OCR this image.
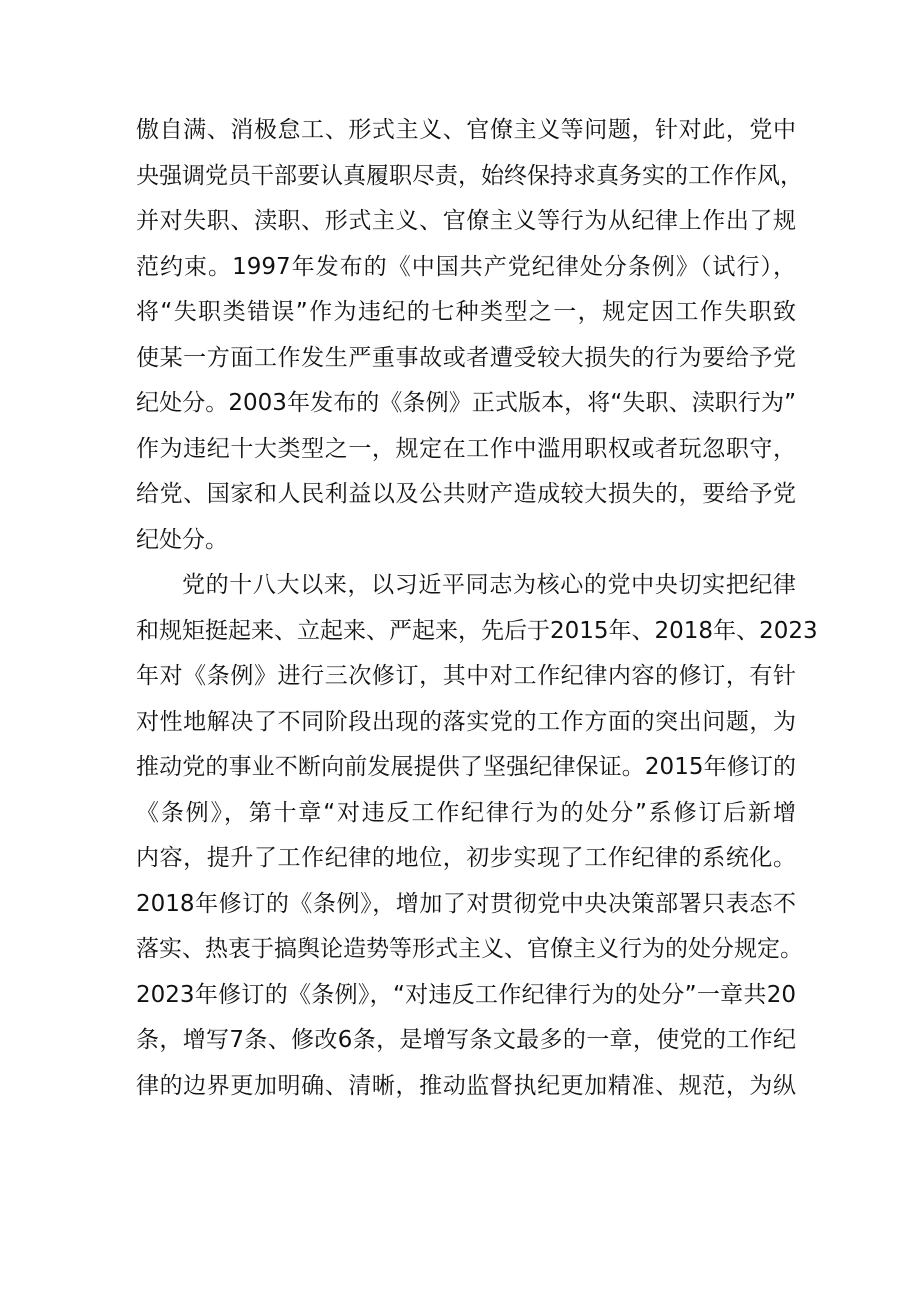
傲自满、消极怠工、形式主义、官僚主义等问题，针对此，党中
央强调党员干部要认真履职尽责，始终保持求真务实的工作作风，
并对失职、渎职、形式主义、官僚主义等行为从纪律上作出了规
范约束。1997年发布的《中国共产党纪律处分条例》（试行），
将“失职类错误”作为违纪的七种类型之一，规定因工作失职致
使某一方面工作发生严重事故或者遭受较大损失的行为要给予党
纪处分。2003年发布的《条例》正式版本，将“失职、渎职行为”
作为违纪十大类型之一，规定在工作中滥用职权或者玩忽职守，
给党、国家和人民利益以及公共财产造成较大损失的，要给予党
纪处分。
党的十八大以来，以习近平同志为核心的党中央切实把纪律
和规矩挺起来、立起来、严起来，先后于2015年、2018年、2023
年对《条例》进行三次修订，其中对工作纪律内容的修订，有针
对性地解决了不同阶段出现的落实党的工作方面的突出问题，为
推动党的事业不断向前发展提供了坚强纪律保证。2015年修订的
《条例》，第十章“对违反工作纪律行为的处分”系修订后新增
内容，提升了工作纪律的地位，初步实现了工作纪律的系统化。
2018年修订的《条例》，增加了对贯彻党中央决策部署只表态不
落实、热衷于搞舆论造势等形式主义、官僚主义行为的处分规定。
2023年修订的《条例》，“对违反工作纪律行为的处分”一章共20
条，增写7条、修改6条，是增写条文最多的一章，使党的工作纪
律的边界更加明确、清晰，推动监督执纪更加精准、规范，为纵
